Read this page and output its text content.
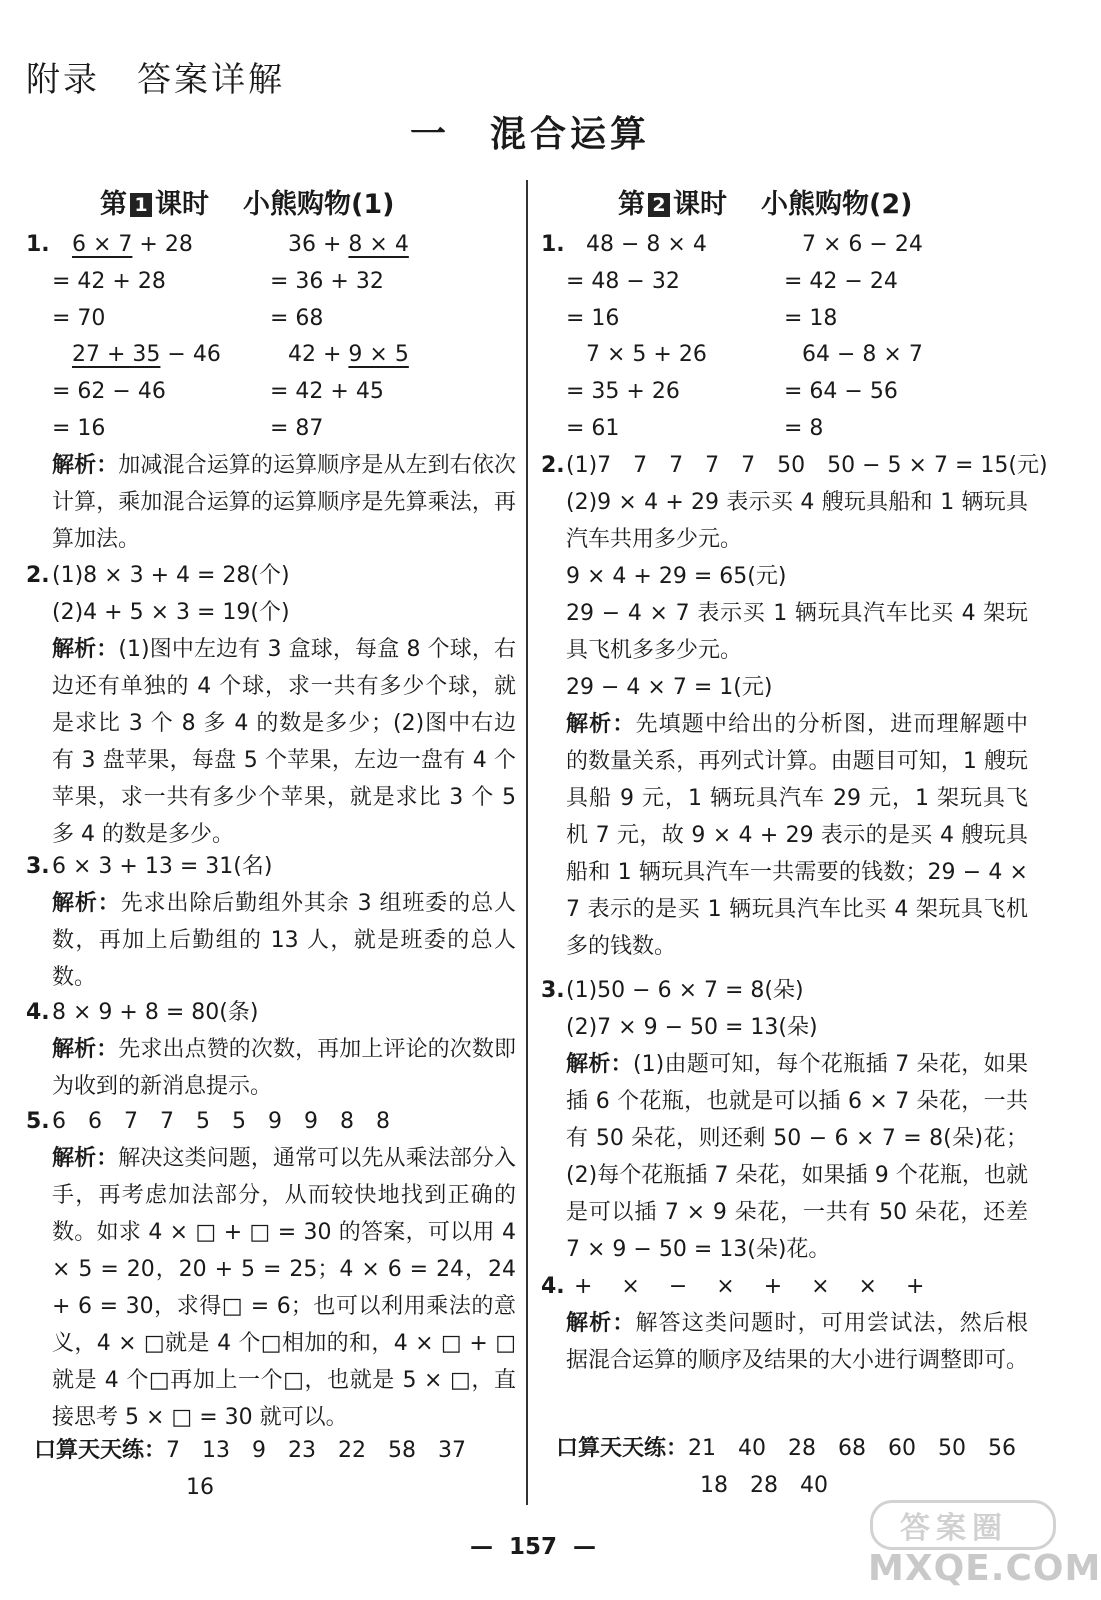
附录　答案详解
一　混合运算
第 1 课时 小熊购物(1)
1. 6 × 7 + 28
= 42 + 28
= 70
36 + 8 × 4
= 36 + 32
= 68
27 + 35 − 46
= 62 − 46
= 16
42 + 9 × 5
= 42 + 45
= 87
解析：加减混合运算的运算顺序是从左到右依次计算，乘加混合运算的运算顺序是先算乘法，再算加法。
2. (1)8 × 3 + 4 = 28(个)
(2)4 + 5 × 3 = 19(个)
解析：(1)图中左边有 3 盒球，每盒 8 个球，右边还有单独的 4 个球，求一共有多少个球，就是求比 3 个 8 多 4 的数是多少；(2)图中右边有 3 盘苹果，每盘 5 个苹果，左边一盘有 4 个苹果，求一共有多少个苹果，就是求比 3 个 5 多 4 的数是多少。
3. 6 × 3 + 13 = 31(名)
解析：先求出除后勤组外其余 3 组班委的总人数，再加上后勤组的 13 人，就是班委的总人数。
4. 8 × 9 + 8 = 80(条)
解析：先求出点赞的次数，再加上评论的次数即为收到的新消息提示。
5. 6　6　7　7　5　5　9　9　8　8
解析：解决这类问题，通常可以先从乘法部分入手，再考虑加法部分，从而较快地找到正确的数。如求 4 × □ + □ = 30 的答案，可以用 4 × 5 = 20，20 + 5 = 25；4 × 6 = 24，24 + 6 = 30，求得□ = 6；也可以利用乘法的意义，4 × □就是 4 个□相加的和，4 × □ + □就是 4 个□再加上一个□，也就是 5 × □，直接思考 5 × □ = 30 就可以。
口算天天练：7　13　9　23　22　58　37
16
第 2 课时 小熊购物(2)
1. 48 − 8 × 4
= 48 − 32
= 16
7 × 6 − 24
= 42 − 24
= 18
7 × 5 + 26
= 35 + 26
= 61
64 − 8 × 7
= 64 − 56
= 8
2. (1)7　7　7　7　7　50　50 − 5 × 7 = 15(元)
(2)9 × 4 + 29 表示买 4 艘玩具船和 1 辆玩具汽车共用多少元。
9 × 4 + 29 = 65(元)
29 − 4 × 7 表示买 1 辆玩具汽车比买 4 架玩具飞机多多少元。
29 − 4 × 7 = 1(元)
解析：先填题中给出的分析图，进而理解题中的数量关系，再列式计算。由题目可知，1 艘玩具船 9 元，1 辆玩具汽车 29 元，1 架玩具飞机 7 元，故 9 × 4 + 29 表示的是买 4 艘玩具船和 1 辆玩具汽车一共需要的钱数；29 − 4 × 7 表示的是买 1 辆玩具汽车比买 4 架玩具飞机多的钱数。
3. (1)50 − 6 × 7 = 8(朵)
(2)7 × 9 − 50 = 13(朵)
解析：(1)由题可知，每个花瓶插 7 朵花，如果插 6 个花瓶，也就是可以插 6 × 7 朵花，一共有 50 朵花，则还剩 50 − 6 × 7 = 8(朵)花；(2)每个花瓶插 7 朵花，如果插 9 个花瓶，也就是可以插 7 × 9 朵花，一共有 50 朵花，还差 7 × 9 − 50 = 13(朵)花。
4. +　 ×　 −　 ×　 +　 ×　 ×　 +
解析：解答这类问题时，可用尝试法，然后根据混合运算的顺序及结果的大小进行调整即可。
口算天天练：21　40　28　68　60　50　56
18　28　40
— 157 —
答案圈
MXQE.COM
